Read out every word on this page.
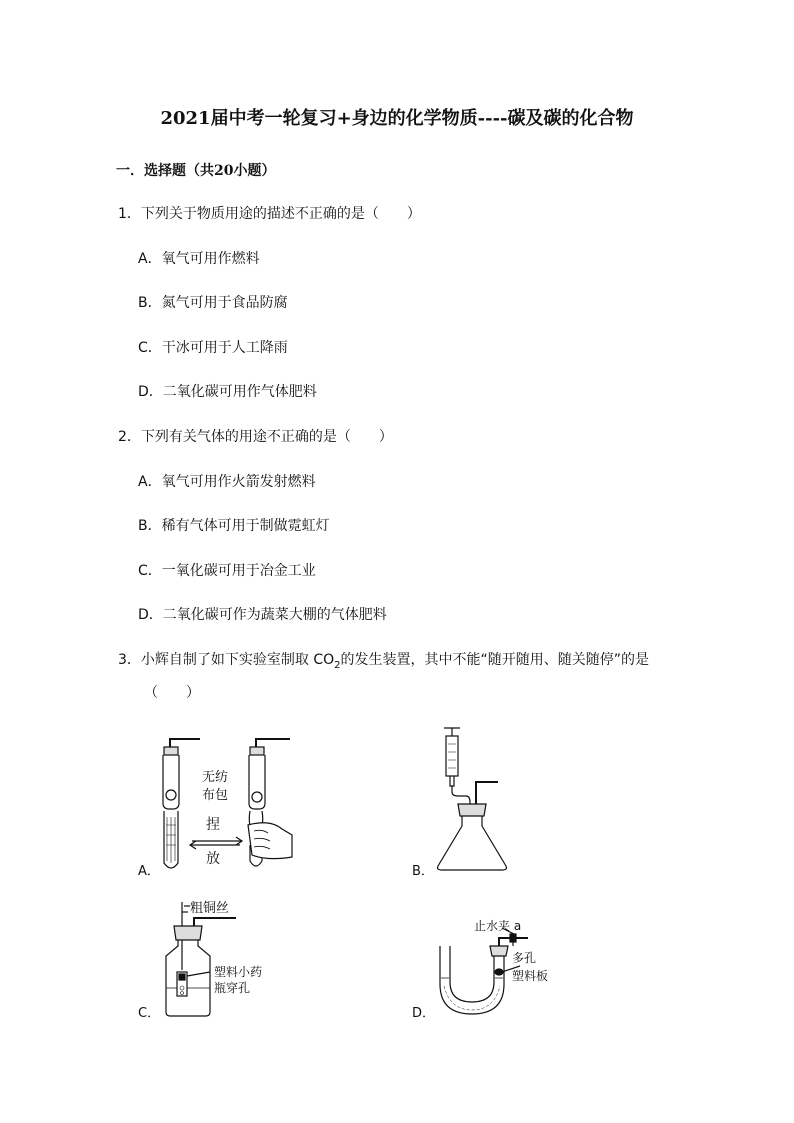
2021届中考一轮复习+身边的化学物质----碳及碳的化合物
一．选择题（共20小题）
1．下列关于物质用途的描述不正确的是（　　）
A．氧气可用作燃料
B．氮气可用于食品防腐
C．干冰可用于人工降雨
D．二氧化碳可用作气体肥料
2．下列有关气体的用途不正确的是（　　）
A．氧气可用作火箭发射燃料
B．稀有气体可用于制做霓虹灯
C．一氧化碳可用于冶金工业
D．二氧化碳可作为蔬菜大棚的气体肥料
3．小辉自制了如下实验室制取 $CO_2$的发生装置，其中不能“随开随用、随关随停”的是
（　　）
无纺
布包
捏
放
A．	B．
粗铜丝
塑料小药
瓶穿孔
C．
止水夹 a
多孔
塑料板
D．
